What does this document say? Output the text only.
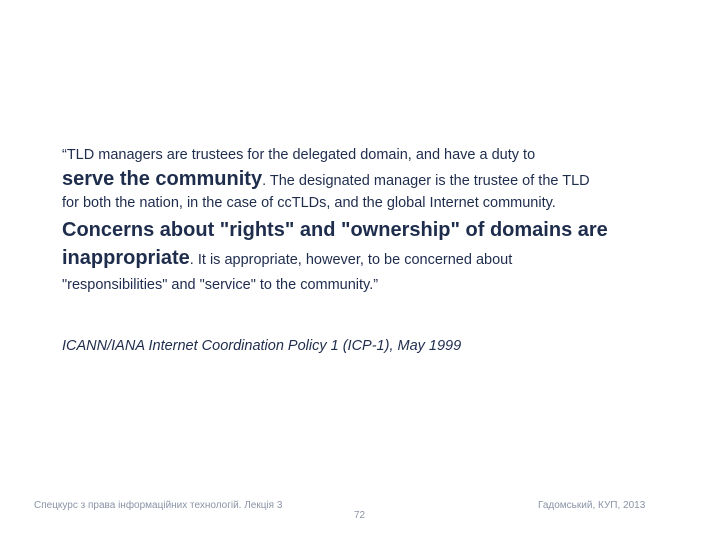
“TLD managers are trustees for the delegated domain, and have a duty to
serve the community. The designated manager is the trustee of the TLD
for both the nation, in the case of ccTLDs, and the global Internet community.
Concerns about "rights" and "ownership" of domains are
inappropriate. It is appropriate, however, to be concerned about
"responsibilities" and "service" to the community.”
ICANN/IANA Internet Coordination Policy 1 (ICP-1), May 1999
Спецкурс з права інформаційних технологій. Лекція 3
72
Гадомський, КУП, 2013
